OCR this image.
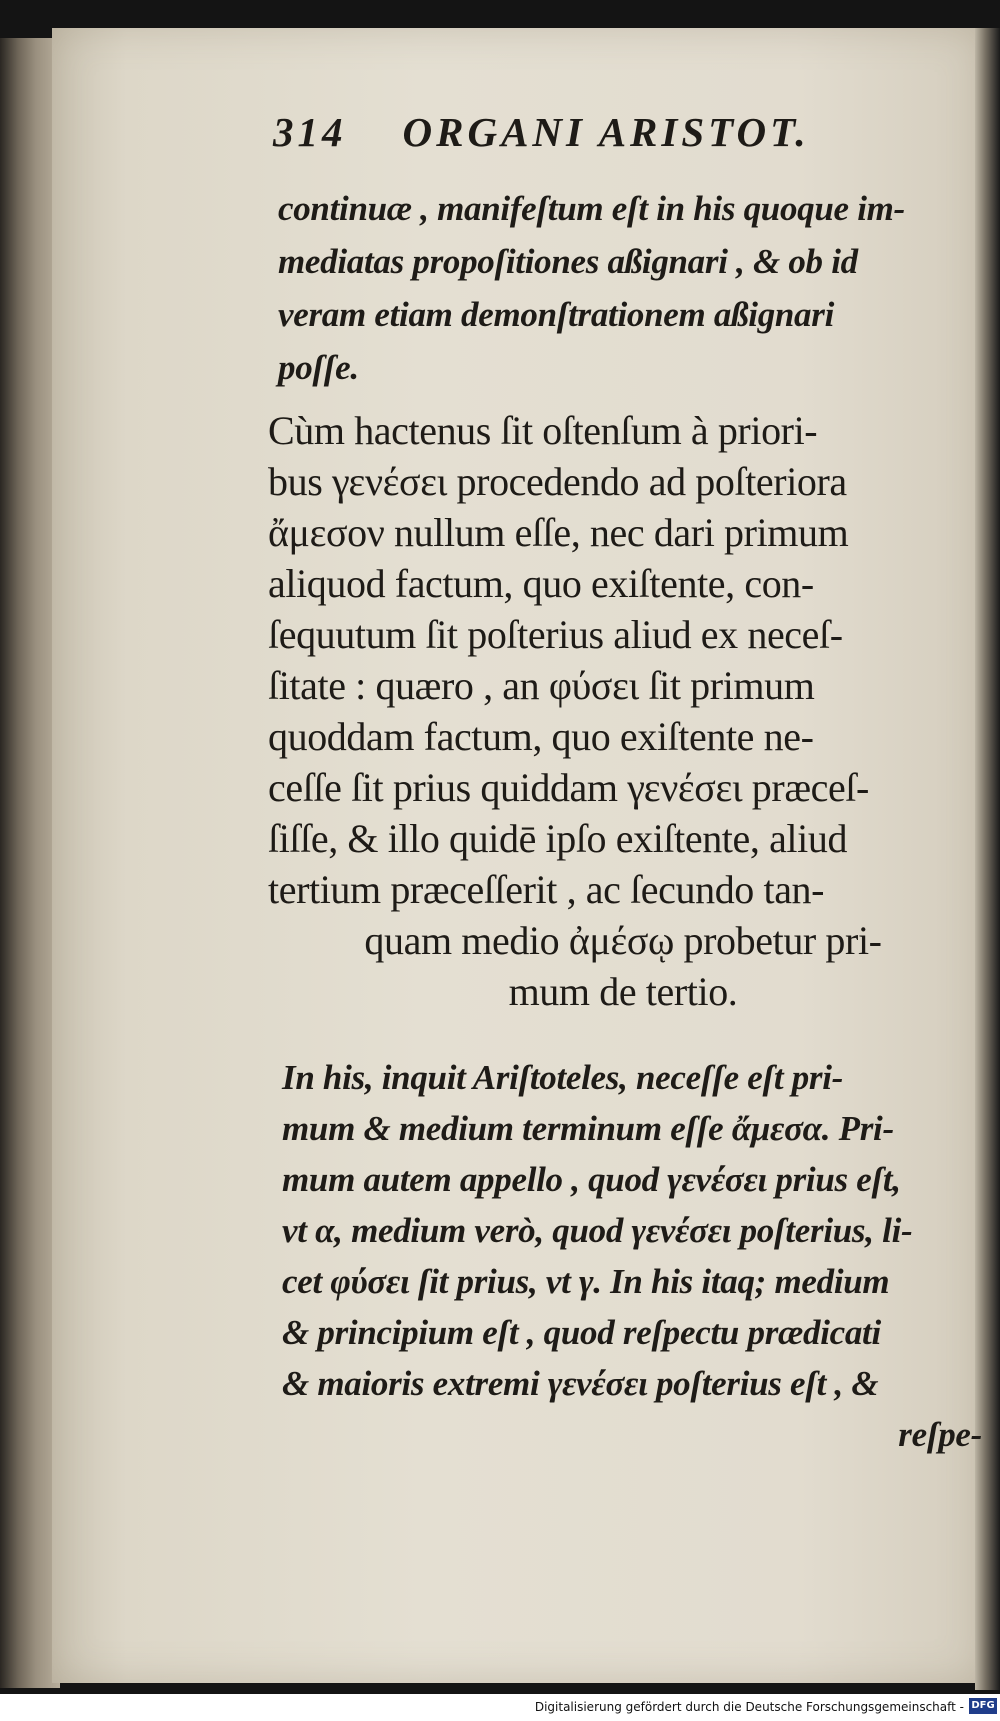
314 ORGANI ARISTOT.
continuæ , manifeſtum eſt in his quoque im-
mediatas propoſitiones aßignari , & ob id
veram etiam demonſtrationem aßignari
poſſe.
Cùm hactenus ſit oſtenſum à priori-
bus γενέσει procedendo ad poſteriora
ἄμεσον nullum eſſe, nec dari primum
aliquod factum, quo exiſtente, con-
ſequutum ſit poſterius aliud ex neceſ-
ſitate : quæro , an φύσει ſit primum
quoddam factum, quo exiſtente ne-
ceſſe ſit prius quiddam γενέσει præceſ-
ſiſſe, & illo quidē ipſo exiſtente, aliud
tertium præceſſerit , ac ſecundo tan-
quam medio ἀμέσῳ probetur pri-
mum de tertio.
In his, inquit Ariſtoteles, neceſſe eſt pri-
mum & medium terminum eſſe ἄμεσα. Pri-
mum autem appello , quod γενέσει prius eſt,
vt α, medium verò, quod γενέσει poſterius, li-
cet φύσει ſit prius, vt γ. In his itaq; medium
& principium eſt , quod reſpectu prædicati
& maioris extremi γενέσει poſterius eſt , &
reſpe-
Digitalisierung gefördert durch die Deutsche Forschungsgemeinschaft - DFG
